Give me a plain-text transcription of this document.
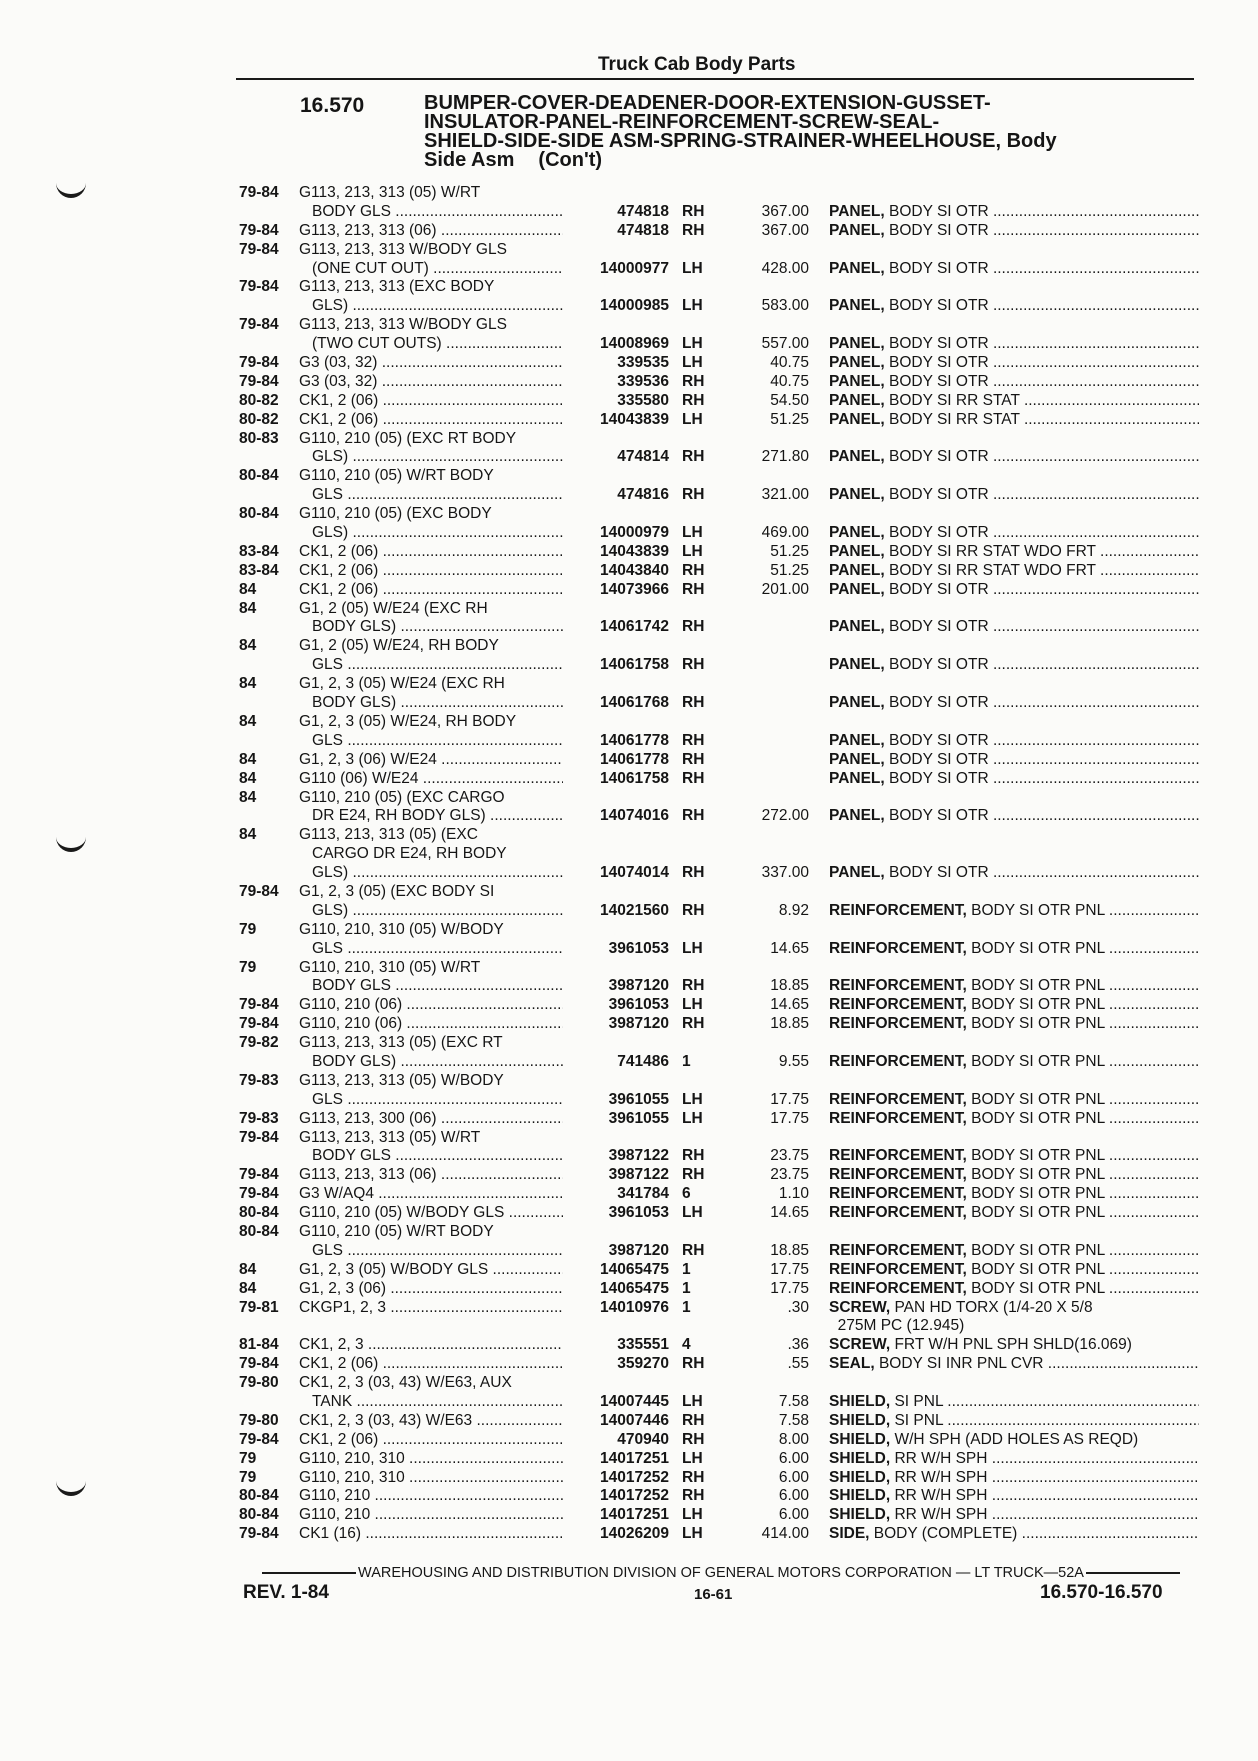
Truck Cab Body Parts
16.570	BUMPER-COVER-DEADENER-DOOR-EXTENSION-GUSSET-
INSULATOR-PANEL-REINFORCEMENT-SCREW-SEAL-
SHIELD-SIDE-SIDE ASM-SPRING-STRAINER-WHEELHOUSE, Body
Side Asm (Con't)
79-84 G113, 213, 313 (05) W/RT
BODY GLS .....	474818 RH	367.00 PANEL, BODY SI OTR .....
79-84 G113, 213, 313 (06) .....	474818 RH	367.00 PANEL, BODY SI OTR .....
79-84 G113, 213, 313 W/BODY GLS
(ONE CUT OUT) .....	14000977 LH	428.00 PANEL, BODY SI OTR .....
79-84 G113, 213, 313 (EXC BODY
GLS) .....	14000985 LH	583.00 PANEL, BODY SI OTR .....
79-84 G113, 213, 313 W/BODY GLS
(TWO CUT OUTS) .....	14008969 LH	557.00 PANEL, BODY SI OTR .....
79-84 G3 (03, 32) .....	339535 LH	40.75 PANEL, BODY SI OTR .....
79-84 G3 (03, 32) .....	339536 RH	40.75 PANEL, BODY SI OTR .....
80-82 CK1, 2 (06) .....	335580 RH	54.50 PANEL, BODY SI RR STAT .....
80-82 CK1, 2 (06) .....	14043839 LH	51.25 PANEL, BODY SI RR STAT .....
80-83 G110, 210 (05) (EXC RT BODY
GLS) .....	474814 RH	271.80 PANEL, BODY SI OTR .....
80-84 G110, 210 (05) W/RT BODY
GLS .....	474816 RH	321.00 PANEL, BODY SI OTR .....
80-84 G110, 210 (05) (EXC BODY
GLS) .....	14000979 LH	469.00 PANEL, BODY SI OTR .....
83-84 CK1, 2 (06) .....	14043839 LH	51.25 PANEL, BODY SI RR STAT WDO FRT .....
83-84 CK1, 2 (06) .....	14043840 RH	51.25 PANEL, BODY SI RR STAT WDO FRT .....
84	CK1, 2 (06) .....	14073966 RH	201.00 PANEL, BODY SI OTR .....
84	G1, 2 (05) W/E24 (EXC RH
BODY GLS) .....	14061742 RH	PANEL, BODY SI OTR .....
84	G1, 2 (05) W/E24, RH BODY
GLS .....	14061758 RH	PANEL, BODY SI OTR .....
84	G1, 2, 3 (05) W/E24 (EXC RH
BODY GLS) .....	14061768 RH	PANEL, BODY SI OTR .....
84	G1, 2, 3 (05) W/E24, RH BODY
GLS .....	14061778 RH	PANEL, BODY SI OTR .....
84	G1, 2, 3 (06) W/E24 .....	14061778 RH	PANEL, BODY SI OTR .....
84	G110 (06) W/E24 .....	14061758 RH	PANEL, BODY SI OTR .....
84	G110, 210 (05) (EXC CARGO
DR E24, RH BODY GLS) .....	14074016 RH	272.00 PANEL, BODY SI OTR .....
84	G113, 213, 313 (05) (EXC
CARGO DR E24, RH BODY
GLS) .....	14074014 RH	337.00 PANEL, BODY SI OTR .....
79-84 G1, 2, 3 (05) (EXC BODY SI
GLS) .....	14021560 RH	8.92 REINFORCEMENT, BODY SI OTR PNL .....
79	G110, 210, 310 (05) W/BODY
GLS .....	3961053 LH	14.65 REINFORCEMENT, BODY SI OTR PNL .....
79	G110, 210, 310 (05) W/RT
BODY GLS .....	3987120 RH	18.85 REINFORCEMENT, BODY SI OTR PNL .....
79-84 G110, 210 (06) .....	3961053 LH	14.65 REINFORCEMENT, BODY SI OTR PNL .....
79-84 G110, 210 (06) .....	3987120 RH	18.85 REINFORCEMENT, BODY SI OTR PNL .....
79-82 G113, 213, 313 (05) (EXC RT
BODY GLS) .....	741486 1	9.55 REINFORCEMENT, BODY SI OTR PNL .....
79-83 G113, 213, 313 (05) W/BODY
GLS .....	3961055 LH	17.75 REINFORCEMENT, BODY SI OTR PNL .....
79-83 G113, 213, 300 (06) .....	3961055 LH	17.75 REINFORCEMENT, BODY SI OTR PNL .....
79-84 G113, 213, 313 (05) W/RT
BODY GLS .....	3987122 RH	23.75 REINFORCEMENT, BODY SI OTR PNL .....
79-84 G113, 213, 313 (06) .....	3987122 RH	23.75 REINFORCEMENT, BODY SI OTR PNL .....
79-84 G3 W/AQ4 .....	341784 6	1.10 REINFORCEMENT, BODY SI OTR PNL .....
80-84 G110, 210 (05) W/BODY GLS .....	3961053 LH	14.65 REINFORCEMENT, BODY SI OTR PNL .....
80-84 G110, 210 (05) W/RT BODY
GLS .....	3987120 RH	18.85 REINFORCEMENT, BODY SI OTR PNL .....
84	G1, 2, 3 (05) W/BODY GLS .....	14065475 1	17.75 REINFORCEMENT, BODY SI OTR PNL .....
84	G1, 2, 3 (06) .....	14065475 1	17.75 REINFORCEMENT, BODY SI OTR PNL .....
79-81 CKGP1, 2, 3 .....	14010976 1	.30 SCREW, PAN HD TORX (1/4-20 X 5/8
275M PC (12.945)
81-84 CK1, 2, 3 .....	335551 4	.36 SCREW, FRT W/H PNL SPH SHLD(16.069)
79-84 CK1, 2 (06) .....	359270 RH	.55 SEAL, BODY SI INR PNL CVR .....
79-80 CK1, 2, 3 (03, 43) W/E63, AUX
TANK .....	14007445 LH	7.58 SHIELD, SI PNL .....
79-80 CK1, 2, 3 (03, 43) W/E63 .....	14007446 RH	7.58 SHIELD, SI PNL .....
79-84 CK1, 2 (06) .....	470940 RH	8.00 SHIELD, W/H SPH (ADD HOLES AS REQD)
79	G110, 210, 310 .....	14017251 LH	6.00 SHIELD, RR W/H SPH .....
79	G110, 210, 310 .....	14017252 RH	6.00 SHIELD, RR W/H SPH .....
80-84 G110, 210 .....	14017252 RH	6.00 SHIELD, RR W/H SPH .....
80-84 G110, 210 .....	14017251 LH	6.00 SHIELD, RR W/H SPH .....
79-84 CK1 (16) .....	14026209 LH	414.00 SIDE, BODY (COMPLETE) .....
WAREHOUSING AND DISTRIBUTION DIVISION OF GENERAL MOTORS CORPORATION — LT TRUCK—52A
REV. 1-84	16-61	16.570-16.570
